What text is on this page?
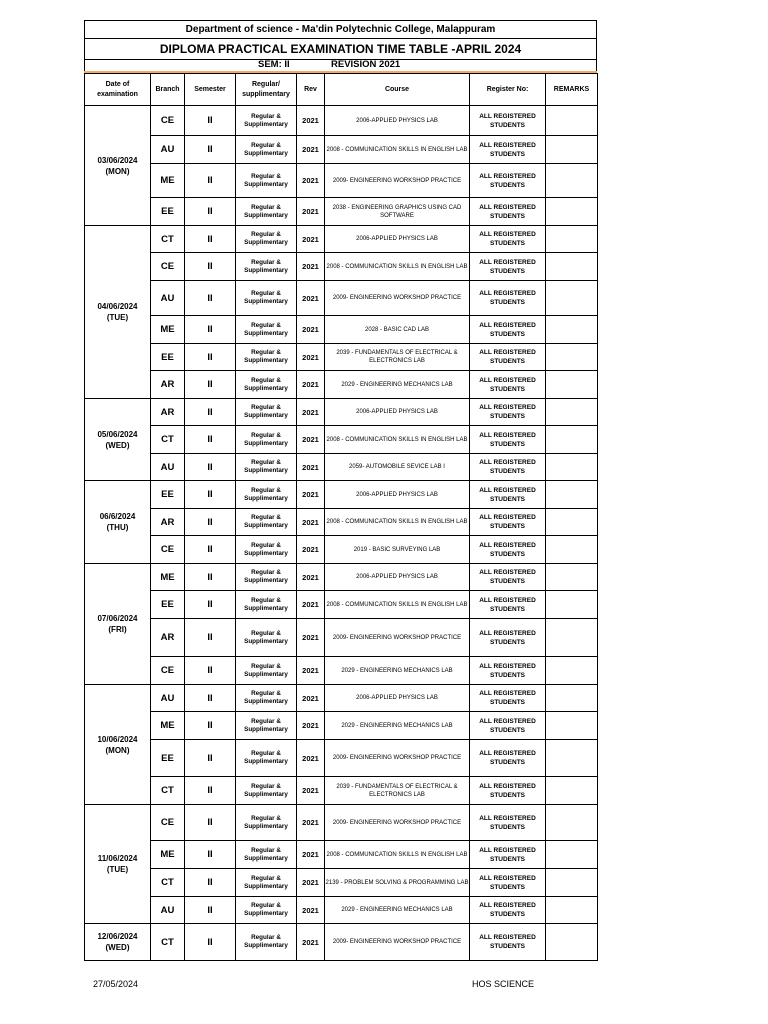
Department of science - Ma'din Polytechnic College, Malappuram
DIPLOMA PRACTICAL EXAMINATION TIME TABLE -APRIL 2024
SEM: II	REVISION 2021
Date of examination	Branch	Semester	Regular/ supplimentary	Rev	Course	Register No:	REMARKS

03/06/2024
(MON)	CE	II	Regular & Supplimentary	2021	2006-APPLIED PHYSICS LAB	ALL REGISTERED STUDENTS	
	AU	II	Regular & Supplimentary	2021	2008 - COMMUNICATION SKILLS IN ENGLISH LAB	ALL REGISTERED STUDENTS	
	ME	II	Regular & Supplimentary	2021	2009- ENGINEERING WORKSHOP PRACTICE	ALL REGISTERED STUDENTS	
	EE	II	Regular & Supplimentary	2021	2038 - ENGINEERING GRAPHICS USING CAD SOFTWARE	ALL REGISTERED STUDENTS	

04/06/2024
(TUE)	CT	II	Regular & Supplimentary	2021	2006-APPLIED PHYSICS LAB	ALL REGISTERED STUDENTS	
	CE	II	Regular & Supplimentary	2021	2008 - COMMUNICATION SKILLS IN ENGLISH LAB	ALL REGISTERED STUDENTS	
	AU	II	Regular & Supplimentary	2021	2009- ENGINEERING WORKSHOP PRACTICE	ALL REGISTERED STUDENTS	
	ME	II	Regular & Supplimentary	2021	2028 - BASIC CAD LAB	ALL REGISTERED STUDENTS	
	EE	II	Regular & Supplimentary	2021	2039 - FUNDAMENTALS OF ELECTRICAL & ELECTRONICS LAB	ALL REGISTERED STUDENTS	
	AR	II	Regular & Supplimentary	2021	2029 - ENGINEERING MECHANICS LAB	ALL REGISTERED STUDENTS	

05/06/2024
(WED)	AR	II	Regular & Supplimentary	2021	2006-APPLIED PHYSICS LAB	ALL REGISTERED STUDENTS	
	CT	II	Regular & Supplimentary	2021	2008 - COMMUNICATION SKILLS IN ENGLISH LAB	ALL REGISTERED STUDENTS	
	AU	II	Regular & Supplimentary	2021	2059- AUTOMOBILE SEVICE LAB I	ALL REGISTERED STUDENTS	

06/6/2024
(THU)	EE	II	Regular & Supplimentary	2021	2006-APPLIED PHYSICS LAB	ALL REGISTERED STUDENTS	
	AR	II	Regular & Supplimentary	2021	2008 - COMMUNICATION SKILLS IN ENGLISH LAB	ALL REGISTERED STUDENTS	
	CE	II	Regular & Supplimentary	2021	2019 - BASIC SURVEYING LAB	ALL REGISTERED STUDENTS	

07/06/2024
(FRI)	ME	II	Regular & Supplimentary	2021	2006-APPLIED PHYSICS LAB	ALL REGISTERED STUDENTS	
	EE	II	Regular & Supplimentary	2021	2008 - COMMUNICATION SKILLS IN ENGLISH LAB	ALL REGISTERED STUDENTS	
	AR	II	Regular & Supplimentary	2021	2009- ENGINEERING WORKSHOP PRACTICE	ALL REGISTERED STUDENTS	
	CE	II	Regular & Supplimentary	2021	2029 - ENGINEERING MECHANICS LAB	ALL REGISTERED STUDENTS	

10/06/2024
(MON)	AU	II	Regular & Supplimentary	2021	2006-APPLIED PHYSICS LAB	ALL REGISTERED STUDENTS	
	ME	II	Regular & Supplimentary	2021	2029 - ENGINEERING MECHANICS LAB	ALL REGISTERED STUDENTS	
	EE	II	Regular & Supplimentary	2021	2009- ENGINEERING WORKSHOP PRACTICE	ALL REGISTERED STUDENTS	
	CT	II	Regular & Supplimentary	2021	2039 - FUNDAMENTALS OF ELECTRICAL & ELECTRONICS LAB	ALL REGISTERED STUDENTS	

11/06/2024
(TUE)	CE	II	Regular & Supplimentary	2021	2009- ENGINEERING WORKSHOP PRACTICE	ALL REGISTERED STUDENTS	
	ME	II	Regular & Supplimentary	2021	2008 - COMMUNICATION SKILLS IN ENGLISH LAB	ALL REGISTERED STUDENTS	
	CT	II	Regular & Supplimentary	2021	2139 - PROBLEM SOLVING & PROGRAMMING LAB	ALL REGISTERED STUDENTS	
	AU	II	Regular & Supplimentary	2021	2029 - ENGINEERING MECHANICS LAB	ALL REGISTERED STUDENTS	

12/06/2024
(WED)	CT	II	Regular & Supplimentary	2021	2009- ENGINEERING WORKSHOP PRACTICE	ALL REGISTERED STUDENTS	
27/05/2024	HOS SCIENCE
